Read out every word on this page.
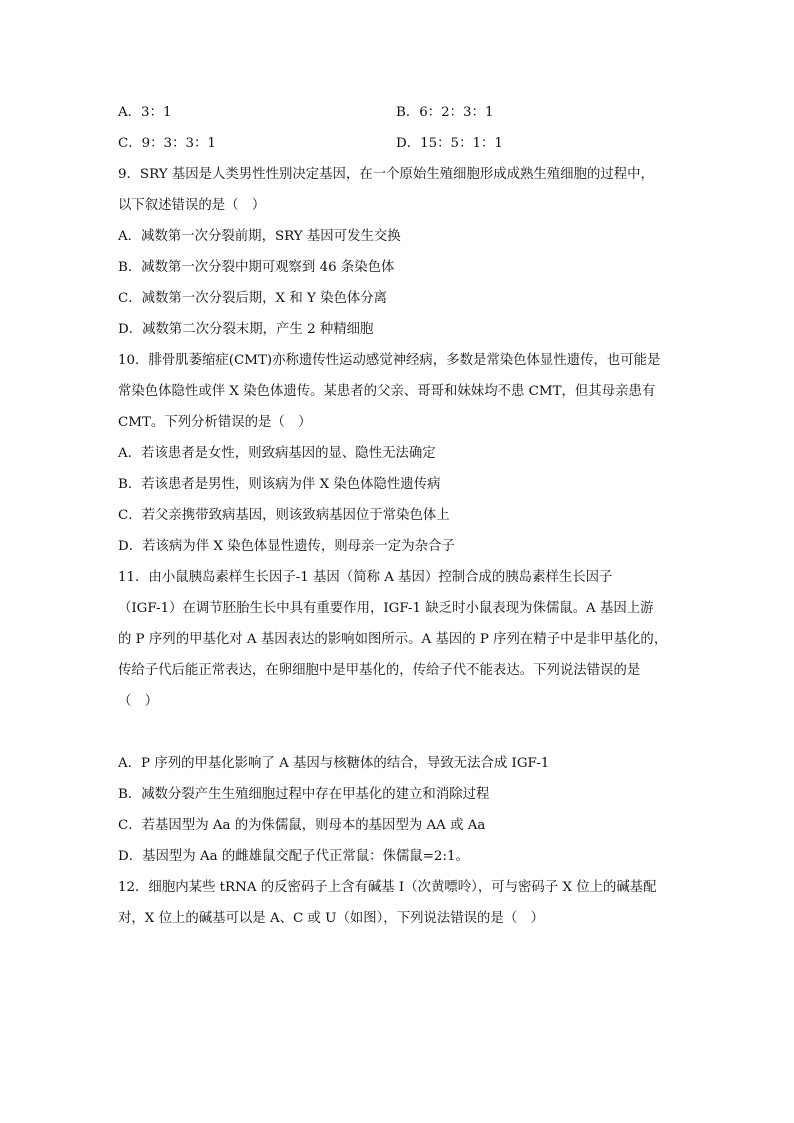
A．3：1	B．6：2：3：1
C．9：3：3：1	D．15：5：1：1
9．SRY 基因是人类男性性别决定基因，在一个原始生殖细胞形成成熟生殖细胞的过程中，
以下叙述错误的是（　）
A．减数第一次分裂前期，SRY 基因可发生交换
B．减数第一次分裂中期可观察到 46 条染色体
C．减数第一次分裂后期，X 和 Y 染色体分离
D．减数第二次分裂末期，产生 2 种精细胞
10．腓骨肌萎缩症(CMT)亦称遗传性运动感觉神经病，多数是常染色体显性遗传，也可能是
常染色体隐性或伴 X 染色体遗传。某患者的父亲、哥哥和妹妹均不患 CMT，但其母亲患有
CMT。下列分析错误的是（　）
A．若该患者是女性，则致病基因的显、隐性无法确定
B．若该患者是男性，则该病为伴 X 染色体隐性遗传病
C．若父亲携带致病基因，则该致病基因位于常染色体上
D．若该病为伴 X 染色体显性遗传，则母亲一定为杂合子
11．由小鼠胰岛素样生长因子-1 基因（简称 A 基因）控制合成的胰岛素样生长因子
（IGF-1）在调节胚胎生长中具有重要作用，IGF-1 缺乏时小鼠表现为侏儒鼠。A 基因上游
的 P 序列的甲基化对 A 基因表达的影响如图所示。A 基因的 P 序列在精子中是非甲基化的，
传给子代后能正常表达，在卵细胞中是甲基化的，传给子代不能表达。下列说法错误的是
（　）
A．P 序列的甲基化影响了 A 基因与核糖体的结合，导致无法合成 IGF-1
B．减数分裂产生生殖细胞过程中存在甲基化的建立和消除过程
C．若基因型为 Aa 的为侏儒鼠，则母本的基因型为 AA 或 Aa
D．基因型为 Aa 的雌雄鼠交配子代正常鼠：侏儒鼠=2:1。
12．细胞内某些 tRNA 的反密码子上含有碱基 I（次黄嘌呤），可与密码子 X 位上的碱基配
对，X 位上的碱基可以是 A、C 或 U（如图），下列说法错误的是（　）
